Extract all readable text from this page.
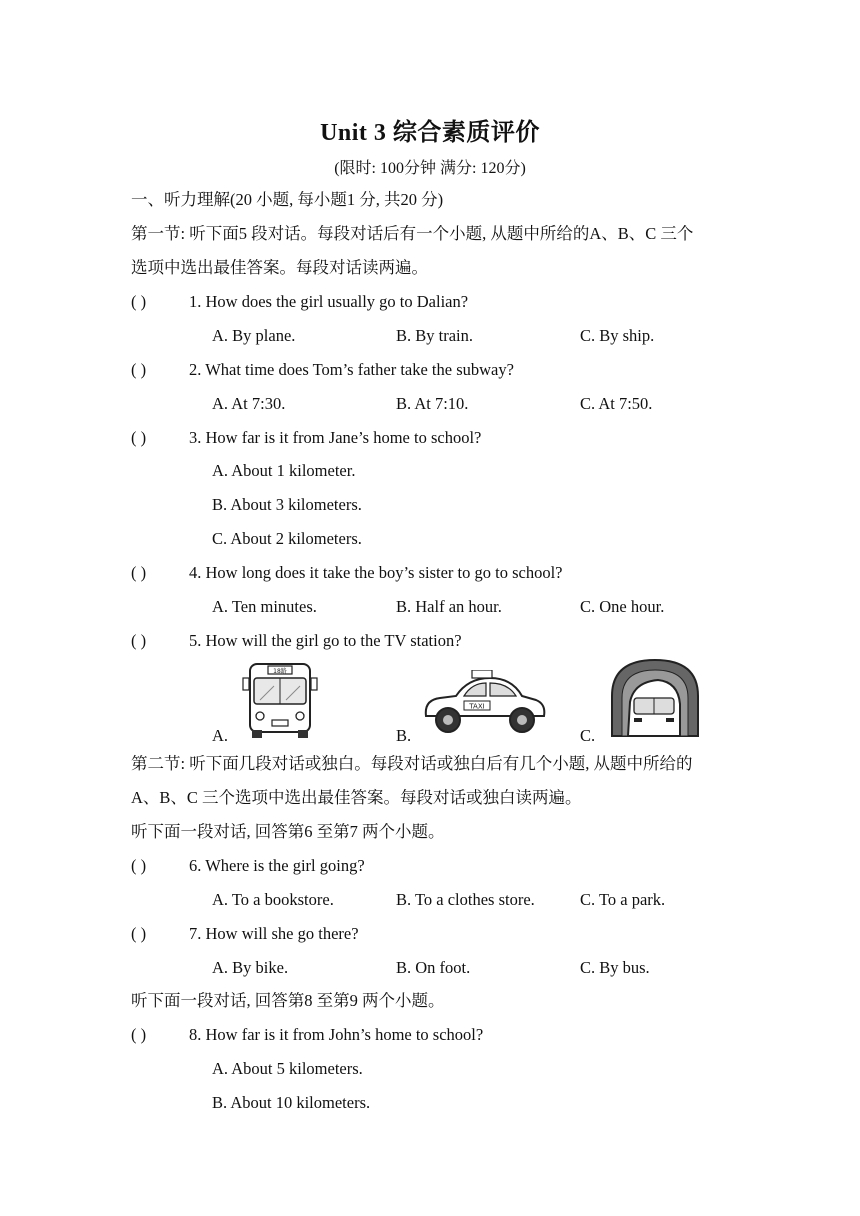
Unit 3 综合素质评价
(限时: 100分钟 满分: 120分)
一、听力理解(20 小题, 每小题1 分, 共20 分)
第一节: 听下面5 段对话。每段对话后有一个小题, 从题中所给的A、B、C 三个
选项中选出最佳答案。每段对话读两遍。
( )	1. How does the girl usually go to Dalian?
A. By plane.	B. By train.	C. By ship.
( )	2. What time does Tom’s father take the subway?
A. At 7:30.	B. At 7:10.	C. At 7:50.
( )	3. How far is it from Jane’s home to school?
A. About 1 kilometer.
B. About 3 kilometers.
C. About 2 kilometers.
( )	4. How long does it take the boy’s sister to go to school?
A. Ten minutes.	B. Half an hour.	C. One hour.
( )	5. How will the girl go to the TV station?
A.	B.	C.
18路
TAXI
第二节: 听下面几段对话或独白。每段对话或独白后有几个小题, 从题中所给的
A、B、C 三个选项中选出最佳答案。每段对话或独白读两遍。
听下面一段对话, 回答第6 至第7 两个小题。
( )	6. Where is the girl going?
A. To a bookstore.	B. To a clothes store.	C. To a park.
( )	7. How will she go there?
A. By bike.	B. On foot.	C. By bus.
听下面一段对话, 回答第8 至第9 两个小题。
( )	8. How far is it from John’s home to school?
A. About 5 kilometers.
B. About 10 kilometers.
